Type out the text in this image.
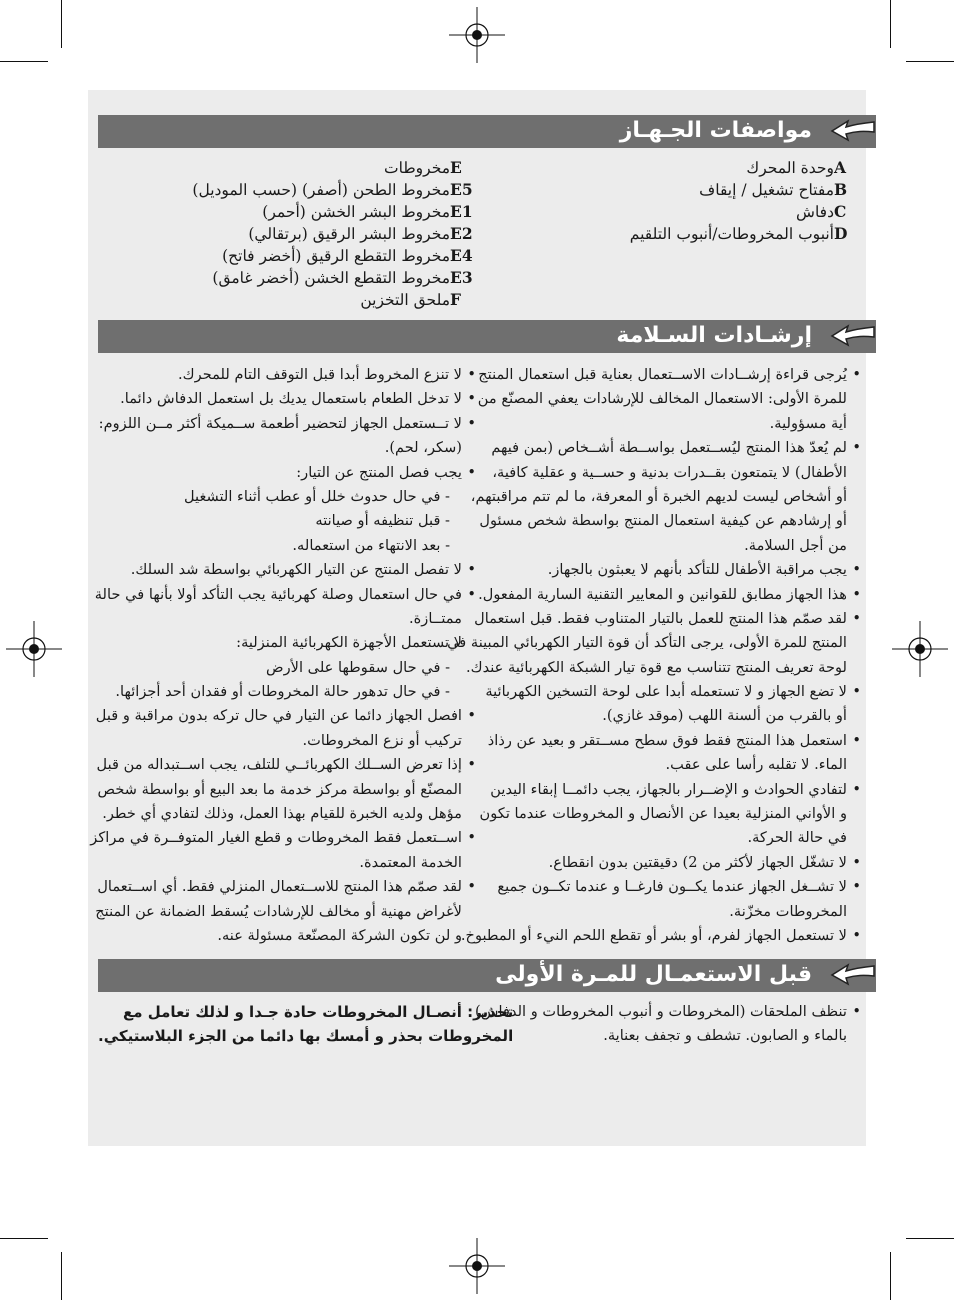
مواصفات الجـهـاز
إرشـادات السـلامة
قبل الاستعمـال للمـرة الأولى
Aوحدة المحرك
Bمفتاح تشغيل / إيقاف
Cدفاش
Dأنبوب المخروطات/أنبوب التلقيم
Eمخروطات
E5مخروط الطحن (أصفر) (حسب الموديل)
E1مخروط البشر الخشن (أحمر)
E2مخروط البشر الرقيق (برتقالي)
E4مخروط التقطع الرقيق (أخضر فاتح)
E3مخروط التقطع الخشن (أخضر غامق)
Fملحق التخزين
• يُرجى قراءة إرشــادات الاســتعمال بعناية قبل استعمال المنتج
للمرة الأولى: الاستعمال المخالف للإرشادات يعفي المصنّع من
أية مسؤولية.
• لم يُعدّ هذا المنتج ليُســتعمل بواســطة أشــخاص (بمن فيهم
الأطفال) لا يتمتعون بقــدرات بدنية و حســية و عقلية كافية،
أو أشخاص ليست لديهم الخبرة أو المعرفة، ما لم تتم مراقبتهم،
أو إرشادهم عن كيفية استعمال المنتج بواسطة شخص مسئول
من أجل السلامة.
• يجب مراقبة الأطفال للتأكد بأنهم لا يعبثون بالجهاز.
• هذا الجهاز مطابق للقوانين و المعايير التقنية السارية المفعول.
• لقد صمّم هذا المنتج للعمل بالتيار المتناوب فقط. قبل استعمال
المنتج للمرة الأولى، يرجى التأكد أن قوة التيار الكهربائي المبينة في
لوحة تعريف المنتج تتناسب مع قوة تيار الشبكة الكهربائية عندك.
• لا تضع الجهاز و لا تستعمله أبدا على لوحة التسخين الكهربائية
أو بالقرب من ألسنة اللهب (موقد غازي).
• استعمل هذا المنتج فقط فوق سطح مســتقر و بعيد عن رذاذ
الماء. لا تقلبه رأسا على عقب.
• لتفادي الحوادث و الإضــرار بالجهاز، يجب دائمــا إبقاء اليدين
و الأواني المنزلية بعيدا عن الأنصال و المخروطات عندما تكون
في حالة الحركة.
• لا تشغّل الجهاز لأكثر من 2) دقيقتين بدون انقطاع.
• لا تشــغل الجهاز عندما يكــون فارغــا و عندما تكــون جميع
المخروطات مخزّنة.
• لا تستعمل الجهاز لفرم، أو بشر أو تقطع اللحم النيء أو المطبوخ.
• لا تنزع المخروط أبدا قبل التوقف التام للمحرك.
• لا تدخل الطعام باستعمال يديك بل استعمل الدفاش دائما.
• لا تــستعمل الجهاز لتحضير أطعمة ســميكة أكثر مــن اللزوم:
(سكر، لحم).
• يجب فصل المنتج عن التيار:
- في حال حدوث خلل أو عطب أثناء التشغيل
- قبل تنظيفه أو صيانته
- بعد الانتهاء من استعماله.
• لا تفصل المنتج عن التيار الكهربائي بواسطة شد السلك.
• في حال استعمال وصلة كهربائية يجب التأكد أولا بأنها في حالة
ممتــازة.
لا تستعمل الأجهزة الكهربائية المنزلية:
- في حال سقوطها على الأرض
- في حال تدهور حالة المخروطات أو فقدان أحد أجزائها.
• افصل الجهاز دائما عن التيار في حال تركه بدون مراقبة و قبل
تركيب أو نزع المخروطات.
• إذا تعرض الســلك الكهربائــي للتلف، يجب اســتبداله من قبل
المصنّع أو بواسطة مركز خدمة ما بعد البيع أو بواسطة شخص
مؤهل ولديه الخبرة للقيام بهذا العمل، وذلك لتفادي أي خطر.
• اســتعمل فقط المخروطات و قطع الغيار المتوفــرة في مراكز
الخدمة المعتمدة.
• لقد صمّم هذا المنتج للاســتعمال المنزلي فقط. أي اســتعمال
لأغراض مهنية أو مخالف للإرشادات يُسقط الضمانة عن المنتج
و لن تكون الشركة المصنّعة مسئولة عنه.
• تنظف الملحقات (المخروطات و أنبوب المخروطات و الدفاش)
بالماء و الصابون. تشطف و تجفف بعناية.
تحذير: أنصـال المخروطات حادة جـدا و لذلك تعامل مع
المخروطات بحذر و أمسك بها دائما من الجزء البلاستيكي.
